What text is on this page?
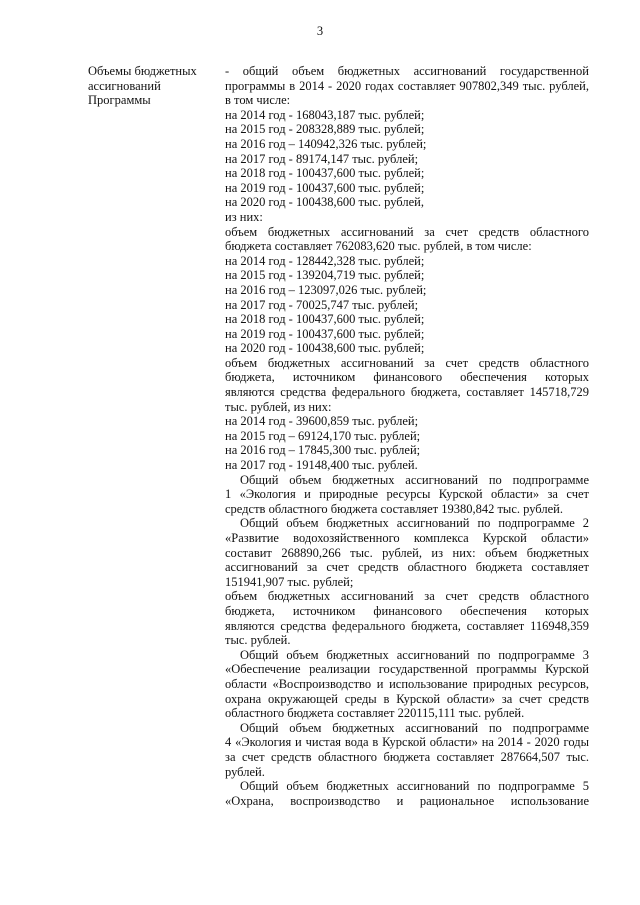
3
Объемы бюджетных
ассигнований
Программы
- общий объем бюджетных ассигнований государственной
программы в 2014 - 2020 годах составляет 907802,349 тыс. рублей,
в том числе:
на 2014 год - 168043,187 тыс. рублей;
на 2015 год - 208328,889 тыс. рублей;
на 2016 год – 140942,326 тыс. рублей;
на 2017 год - 89174,147 тыс. рублей;
на 2018 год - 100437,600 тыс. рублей;
на 2019 год - 100437,600 тыс. рублей;
на 2020 год - 100438,600 тыс. рублей,
из них:
объем бюджетных ассигнований за счет средств областного
бюджета составляет 762083,620 тыс. рублей, в том числе:
на 2014 год - 128442,328 тыс. рублей;
на 2015 год - 139204,719 тыс. рублей;
на 2016 год – 123097,026 тыс. рублей;
на 2017 год - 70025,747 тыс. рублей;
на 2018 год - 100437,600 тыс. рублей;
на 2019 год - 100437,600 тыс. рублей;
на 2020 год - 100438,600 тыс. рублей;
объем бюджетных ассигнований за счет средств областного
бюджета, источником финансового обеспечения которых
являются средства федерального бюджета, составляет 145718,729
тыс. рублей, из них:
на 2014 год - 39600,859 тыс. рублей;
на 2015 год – 69124,170 тыс. рублей;
на 2016 год – 17845,300 тыс. рублей;
на 2017 год - 19148,400 тыс. рублей.
Общий объем бюджетных ассигнований по подпрограмме
1 «Экология и природные ресурсы Курской области» за счет
средств областного бюджета составляет 19380,842 тыс. рублей.
Общий объем бюджетных ассигнований по подпрограмме 2
«Развитие водохозяйственного комплекса Курской области»
составит 268890,266 тыс. рублей, из них: объем бюджетных
ассигнований за счет средств областного бюджета составляет
151941,907 тыс. рублей;
объем бюджетных ассигнований за счет средств областного
бюджета, источником финансового обеспечения которых
являются средства федерального бюджета, составляет 116948,359
тыс. рублей.
Общий объем бюджетных ассигнований по подпрограмме 3
«Обеспечение реализации государственной программы Курской
области «Воспроизводство и использование природных ресурсов,
охрана окружающей среды в Курской области» за счет средств
областного бюджета составляет 220115,111 тыс. рублей.
Общий объем бюджетных ассигнований по подпрограмме
4 «Экология и чистая вода в Курской области» на 2014 - 2020 годы
за счет средств областного бюджета составляет 287664,507 тыс.
рублей.
Общий объем бюджетных ассигнований по подпрограмме 5
«Охрана, воспроизводство и рациональное использование
